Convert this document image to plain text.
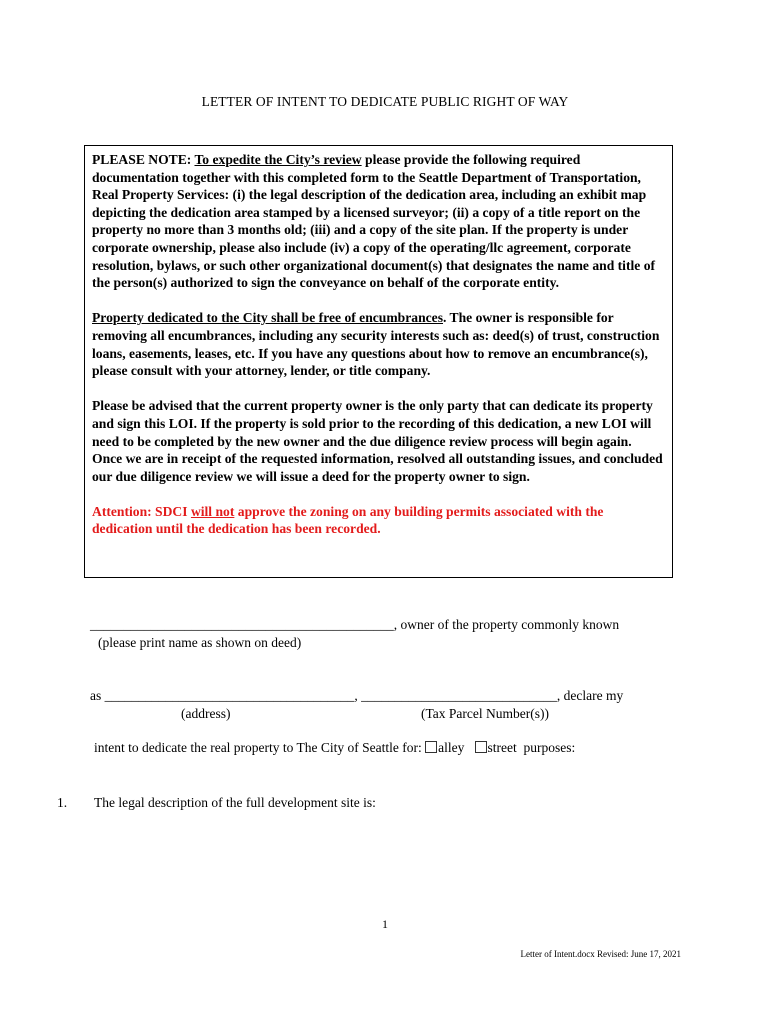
LETTER OF INTENT TO DEDICATE PUBLIC RIGHT OF WAY

PLEASE NOTE: To expedite the City’s review please provide the following required documentation together with this completed form to the Seattle Department of Transportation, Real Property Services: (i) the legal description of the dedication area, including an exhibit map depicting the dedication area stamped by a licensed surveyor; (ii) a copy of a title report on the property no more than 3 months old; (iii) and a copy of the site plan. If the property is under corporate ownership, please also include (iv) a copy of the operating/llc agreement, corporate resolution, bylaws, or such other organizational document(s) that designates the name and title of the person(s) authorized to sign the conveyance on behalf of the corporate entity.

Property dedicated to the City shall be free of encumbrances. The owner is responsible for removing all encumbrances, including any security interests such as: deed(s) of trust, construction loans, easements, leases, etc. If you have any questions about how to remove an encumbrance(s), please consult with your attorney, lender, or title company.

Please be advised that the current property owner is the only party that can dedicate its property and sign this LOI. If the property is sold prior to the recording of this dedication, a new LOI will need to be completed by the new owner and the due diligence review process will begin again. Once we are in receipt of the requested information, resolved all outstanding issues, and concluded our due diligence review we will issue a deed for the property owner to sign.

Attention: SDCI will not approve the zoning on any building permits associated with the dedication until the dedication has been recorded.

_____________________________________________, owner of the property commonly known
(please print name as shown on deed)
as _____________________________________, _____________________________, declare my
(address)	(Tax Parcel Number(s))
intent to dedicate the real property to The City of Seattle for: alley street  purposes:
1. The legal description of the full development site is:
1
Letter of Intent.docx Revised: June 17, 2021
